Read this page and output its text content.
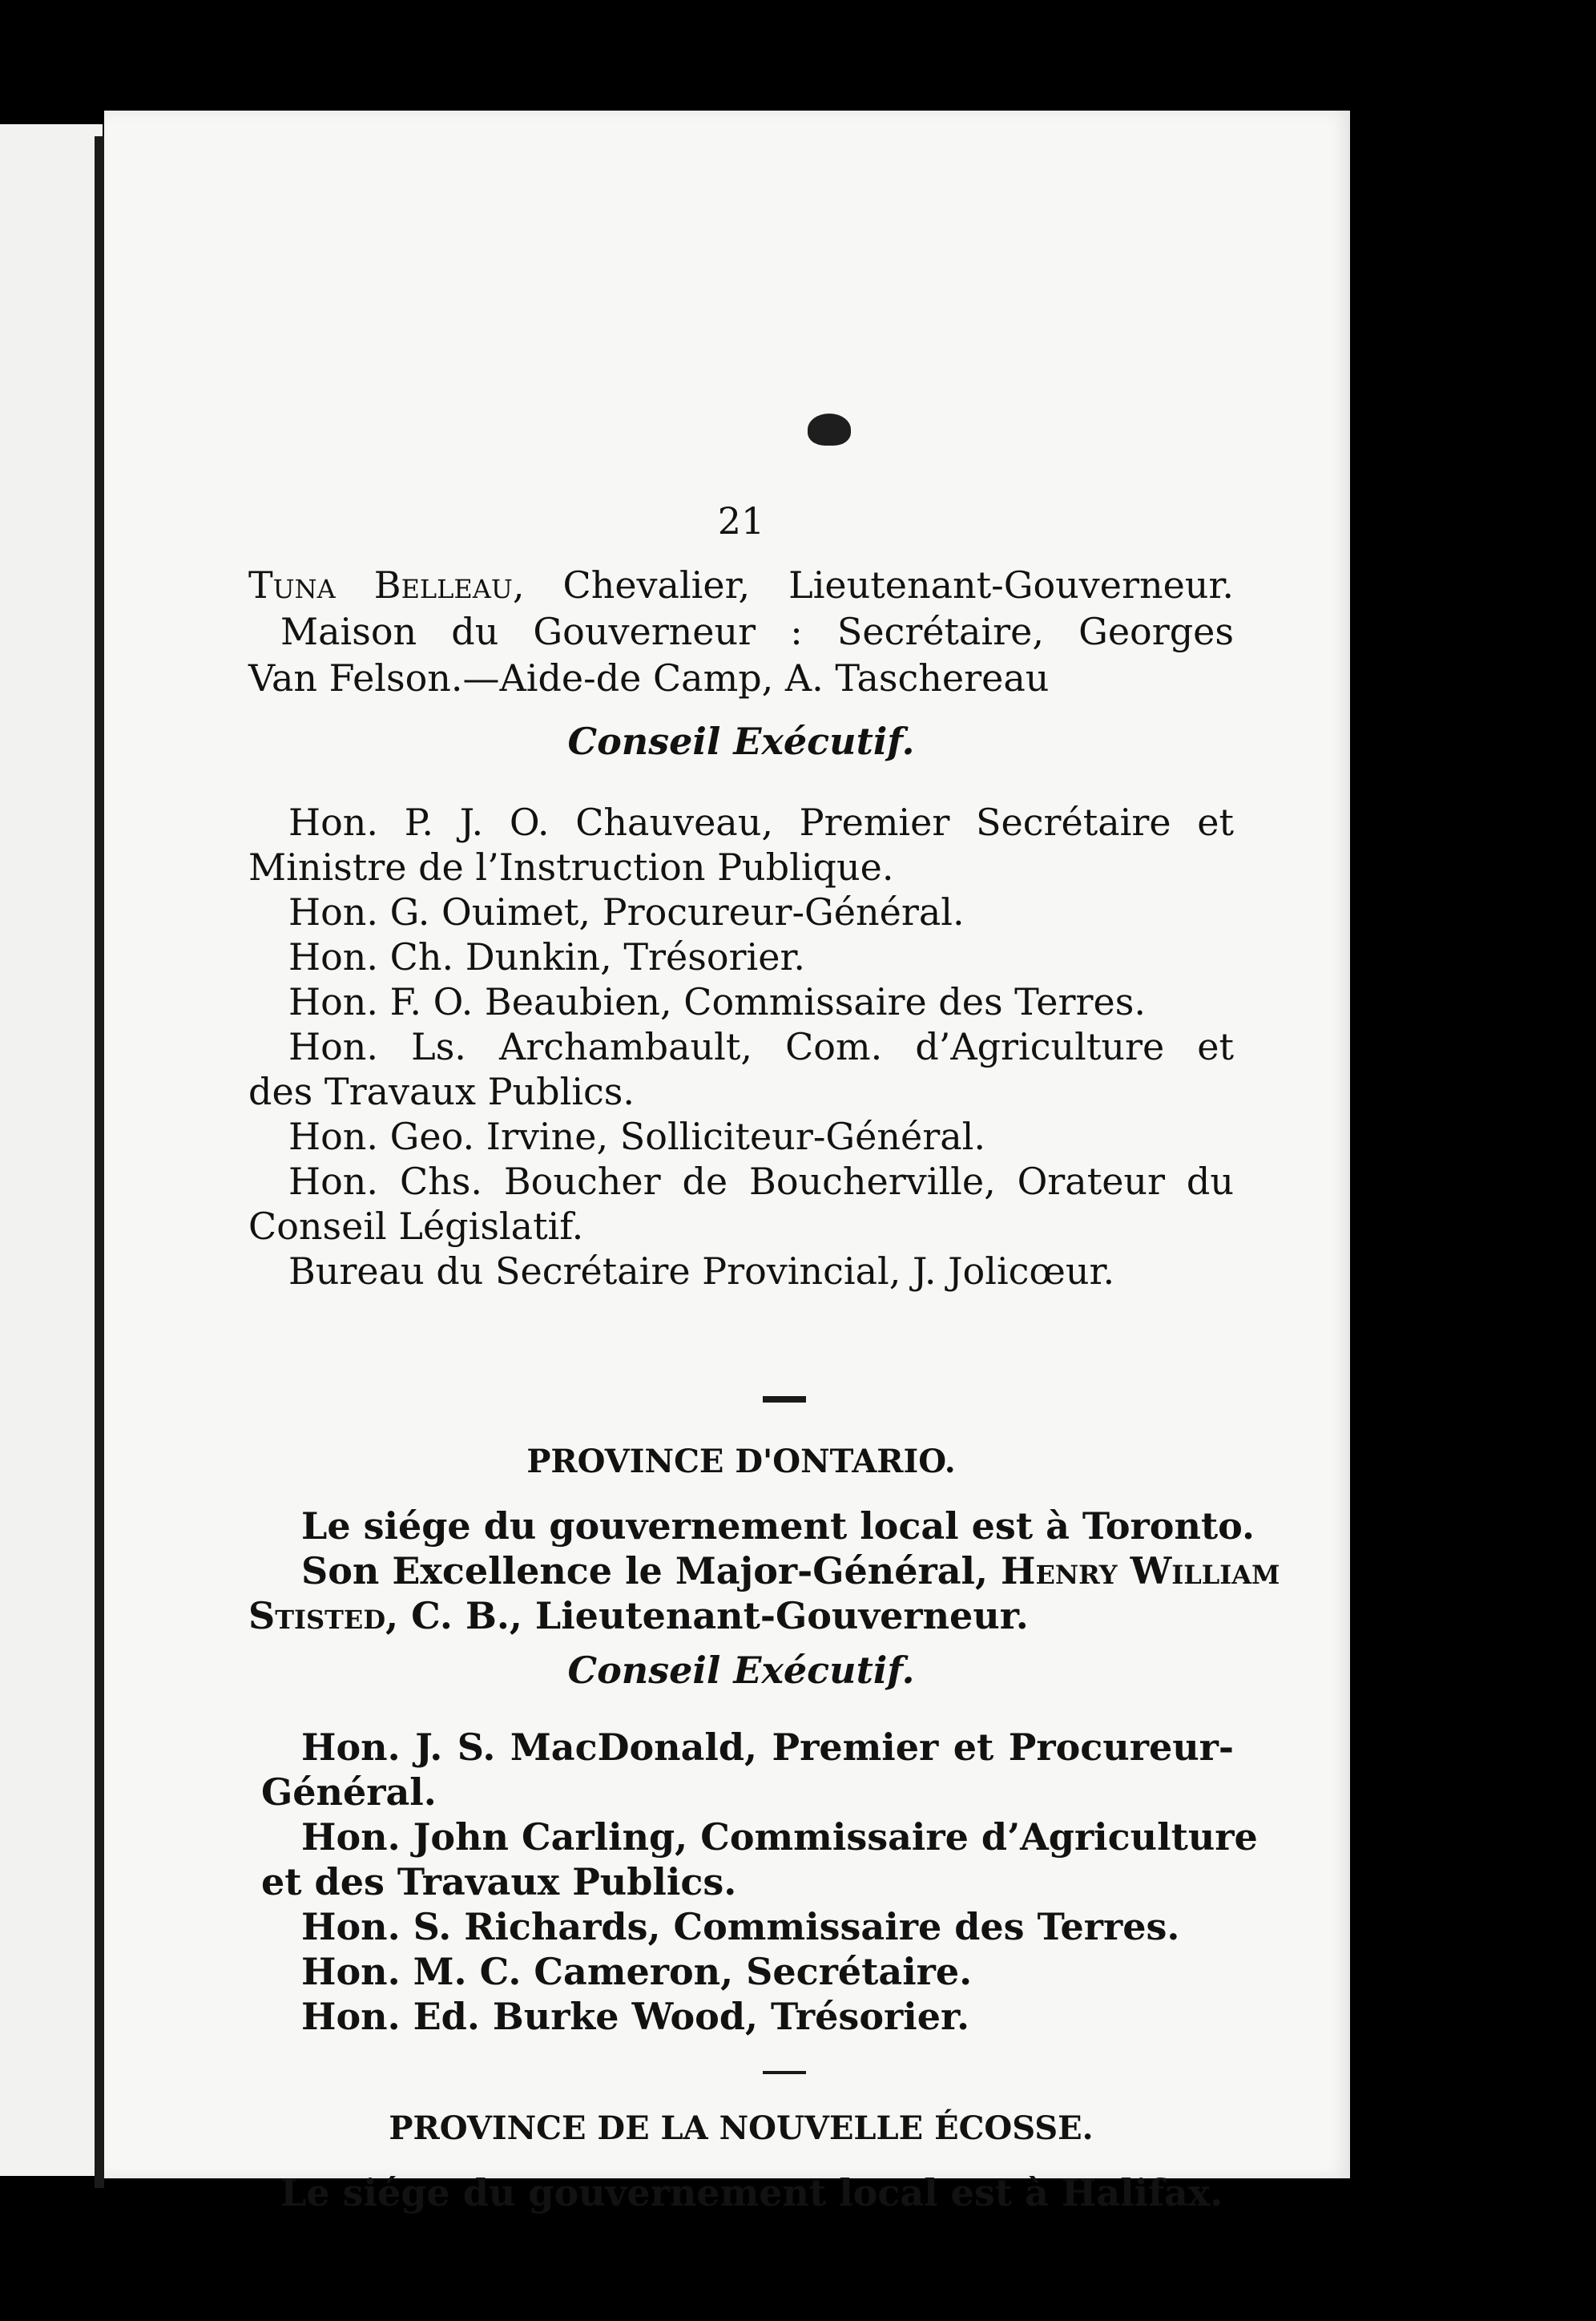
21
Tuna Belleau, Chevalier, Lieutenant-Gouverneur.
Maison du Gouverneur : Secrétaire, Georges
Van Felson.—Aide-de Camp, A. Taschereau
Conseil Exécutif.
Hon. P. J. O. Chauveau, Premier Secrétaire et
Ministre de l’Instruction Publique.
Hon. G. Ouimet, Procureur-Général.
Hon. Ch. Dunkin, Trésorier.
Hon. F. O. Beaubien, Commissaire des Terres.
Hon. Ls. Archambault, Com. d’Agriculture et
des Travaux Publics.
Hon. Geo. Irvine, Solliciteur-Général.
Hon. Chs. Boucher de Boucherville, Orateur du
Conseil Législatif.
Bureau du Secrétaire Provincial, J. Jolicœur.
PROVINCE D'ONTARIO.
Le siége du gouvernement local est à Toronto.
Son Excellence le Major-Général, Henry William
Stisted, C. B., Lieutenant-Gouverneur.
Conseil Exécutif.
Hon. J. S. MacDonald, Premier et Procureur-
Général.
Hon. John Carling, Commissaire d’Agriculture
et des Travaux Publics.
Hon. S. Richards, Commissaire des Terres.
Hon. M. C. Cameron, Secrétaire.
Hon. Ed. Burke Wood, Trésorier.
PROVINCE DE LA NOUVELLE ÉCOSSE.
Le siége du gouvernement local est à Halifax.
